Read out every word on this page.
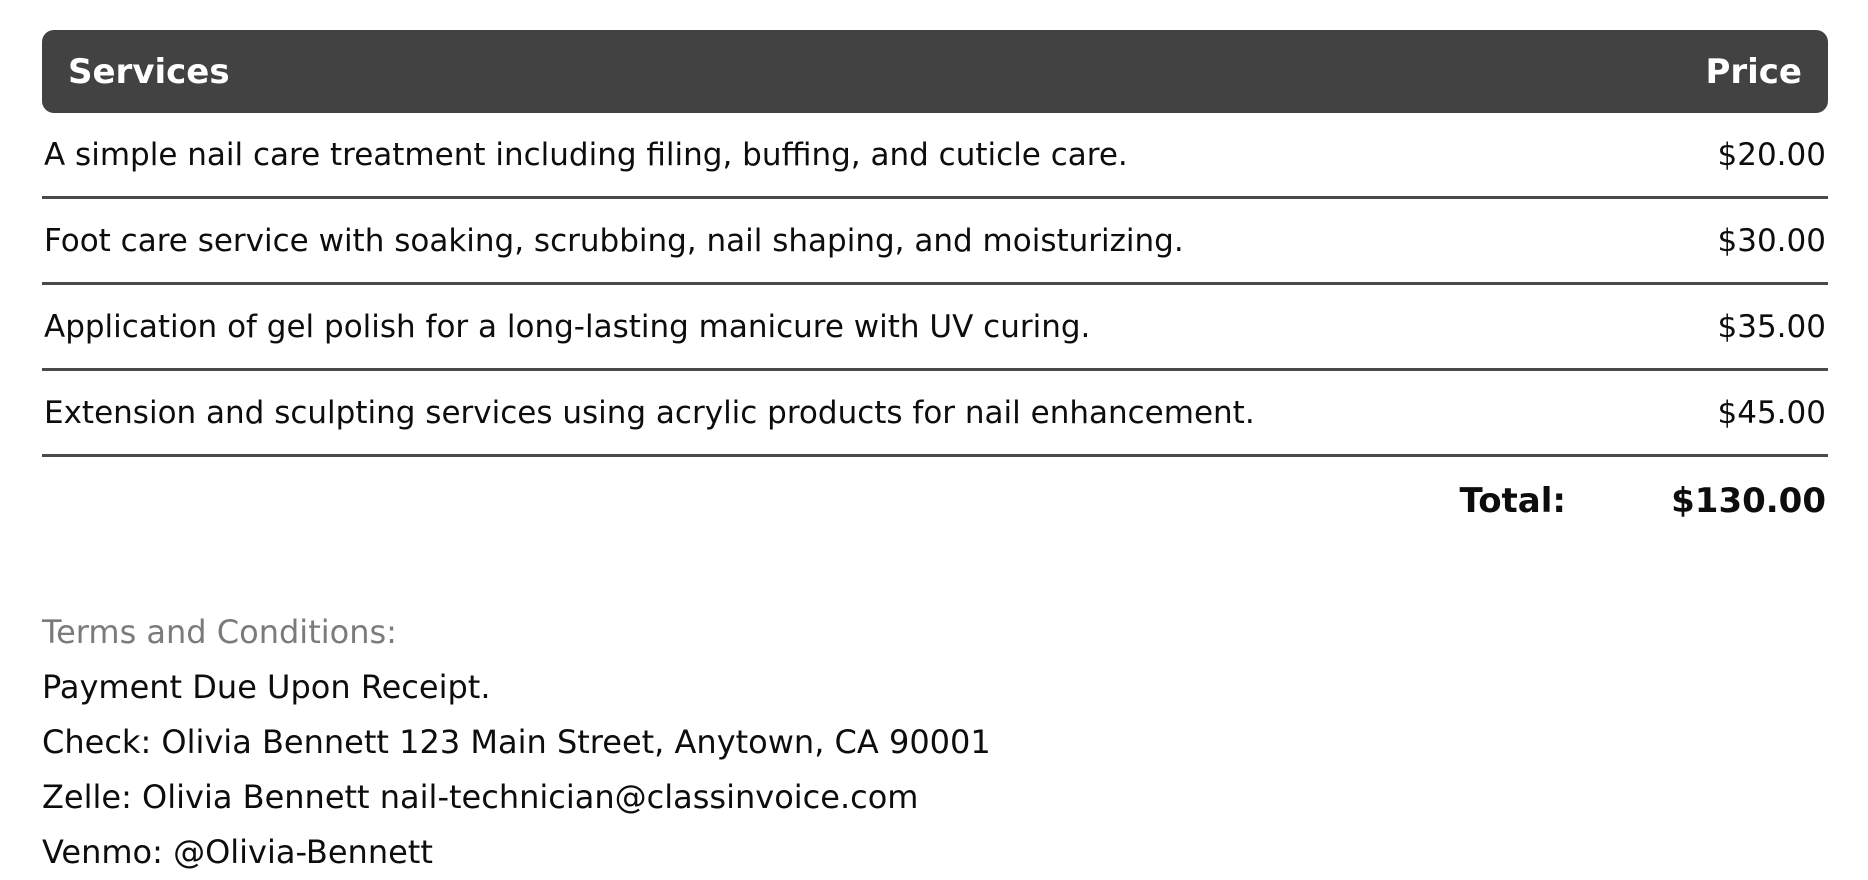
Services	Price
A simple nail care treatment including filing, buffing, and cuticle care.	$20.00
Foot care service with soaking, scrubbing, nail shaping, and moisturizing.	$30.00
Application of gel polish for a long-lasting manicure with UV curing.	$35.00
Extension and sculpting services using acrylic products for nail enhancement.	$45.00
Total:	$130.00
Terms and Conditions:
Payment Due Upon Receipt.
Check: Olivia Bennett 123 Main Street, Anytown, CA 90001
Zelle: Olivia Bennett nail-technician@classinvoice.com
Venmo: @Olivia-Bennett
